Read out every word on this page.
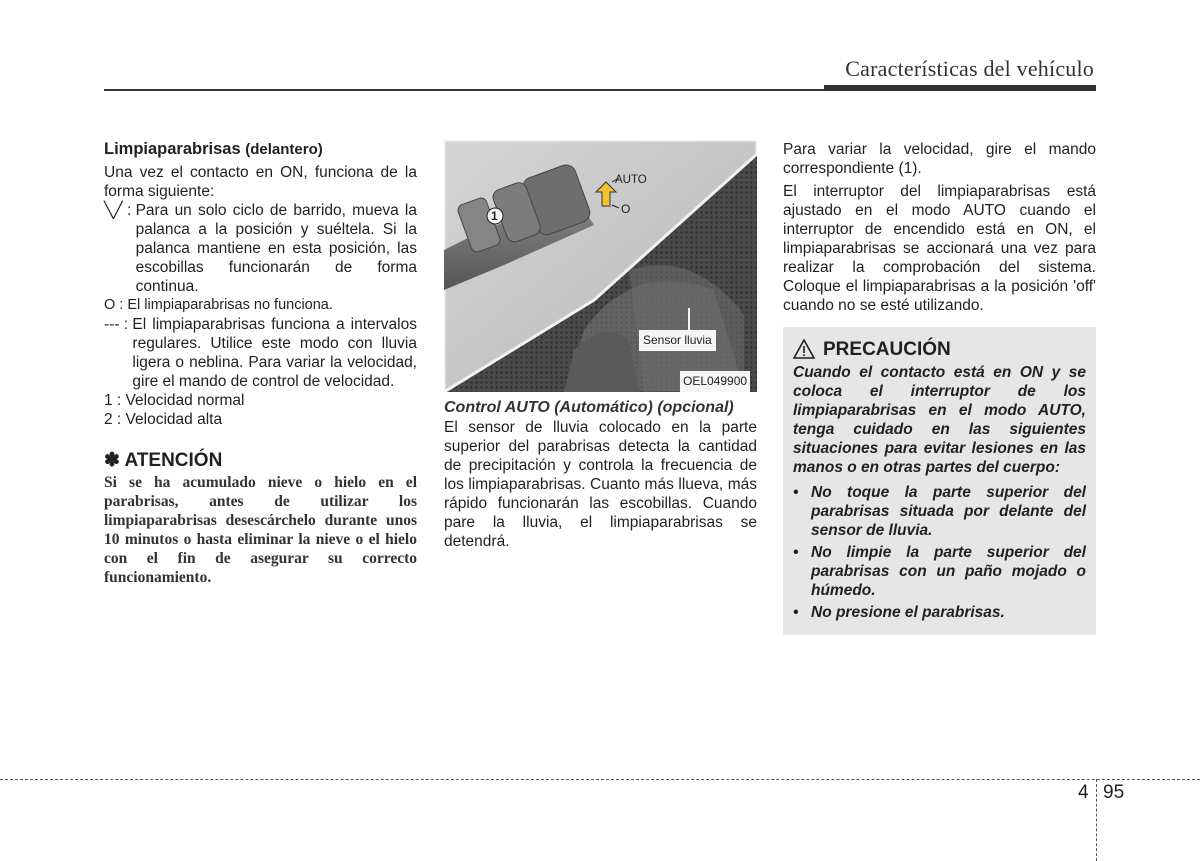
Características del vehículo
Limpiaparabrisas (delantero)

Una vez el contacto en ON, funciona de la forma siguiente:

╲╱ : Para un solo ciclo de barrido, mueva la palanca a la posición y suéltela. Si la palanca mantiene en esta posición, las escobillas funcionarán de forma continua.
O : El limpiaparabrisas no funciona.
--- : El limpiaparabrisas funciona a intervalos regulares. Utilice este modo con lluvia ligera o neblina. Para variar la velocidad, gire el mando de control de velocidad.
1 : Velocidad normal
2 : Velocidad alta
✽ ATENCIÓN
Si se ha acumulado nieve o hielo en el parabrisas, antes de utilizar los limpiaparabrisas desescárchelo durante unos 10 minutos o hasta eliminar la nieve o el hielo con el fin de asegurar su correcto funcionamiento.
AUTO
O
1
Sensor lluvia
OEL049900
Control AUTO (Automático) (opcional)

El sensor de lluvia colocado en la parte superior del parabrisas detecta la cantidad de precipitación y controla la frecuencia de los limpiaparabrisas. Cuanto más llueva, más rápido funcionarán las escobillas. Cuando pare la lluvia, el limpiaparabrisas se detendrá.

Para variar la velocidad, gire el mando correspondiente (1).

El interruptor del limpiaparabrisas está ajustado en el modo AUTO cuando el interruptor de encendido está en ON, el limpiaparabrisas se accionará una vez para realizar la comprobación del sistema. Coloque el limpiaparabrisas a la posición 'off' cuando no se esté utilizando.

PRECAUCIÓN
Cuando el contacto está en ON y se coloca el interruptor de los limpiaparabrisas en el modo AUTO, tenga cuidado en las siguientes situaciones para evitar lesiones en las manos o en otras partes del cuerpo:
• No toque la parte superior del parabrisas situada por delante del sensor de lluvia.
• No limpie la parte superior del parabrisas con un paño mojado o húmedo.
• No presione el parabrisas.
4 95
